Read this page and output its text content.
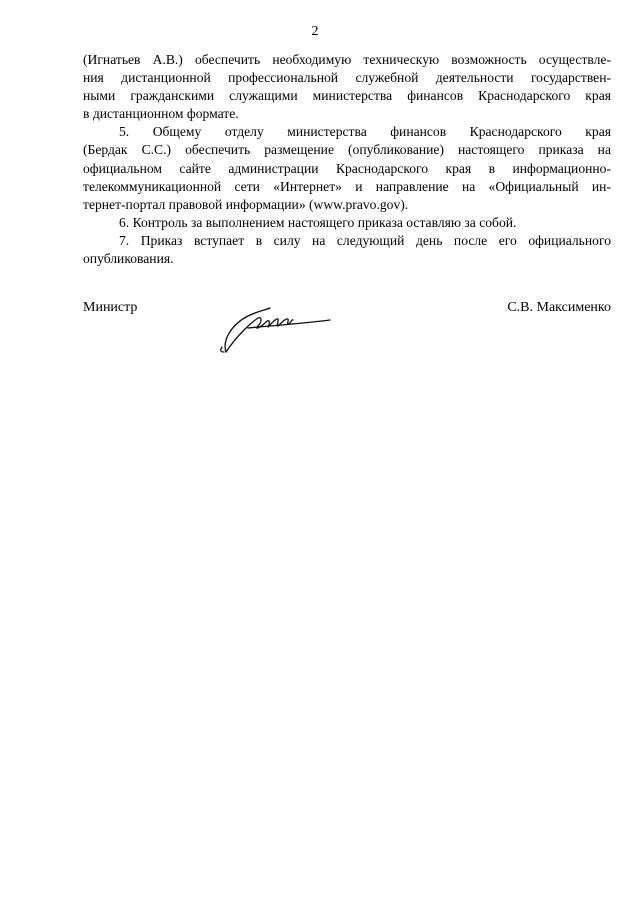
2
(Игнатьев А.В.) обеспечить необходимую техническую возможность осуществле-
ния дистанционной профессиональной служебной деятельности государствен-
ными гражданскими служащими министерства финансов Краснодарского края
в дистанционном формате.
5. Общему отделу министерства финансов Краснодарского края
(Бердак С.С.) обеспечить размещение (опубликование) настоящего приказа на
официальном сайте администрации Краснодарского края в информационно-
телекоммуникационной сети «Интернет» и направление на «Официальный ин-
тернет-портал правовой информации» (www.pravo.gov).
6. Контроль за выполнением настоящего приказа оставляю за собой.
7. Приказ вступает в силу на следующий день после его официального
опубликования.
Министр	С.В. Максименко
